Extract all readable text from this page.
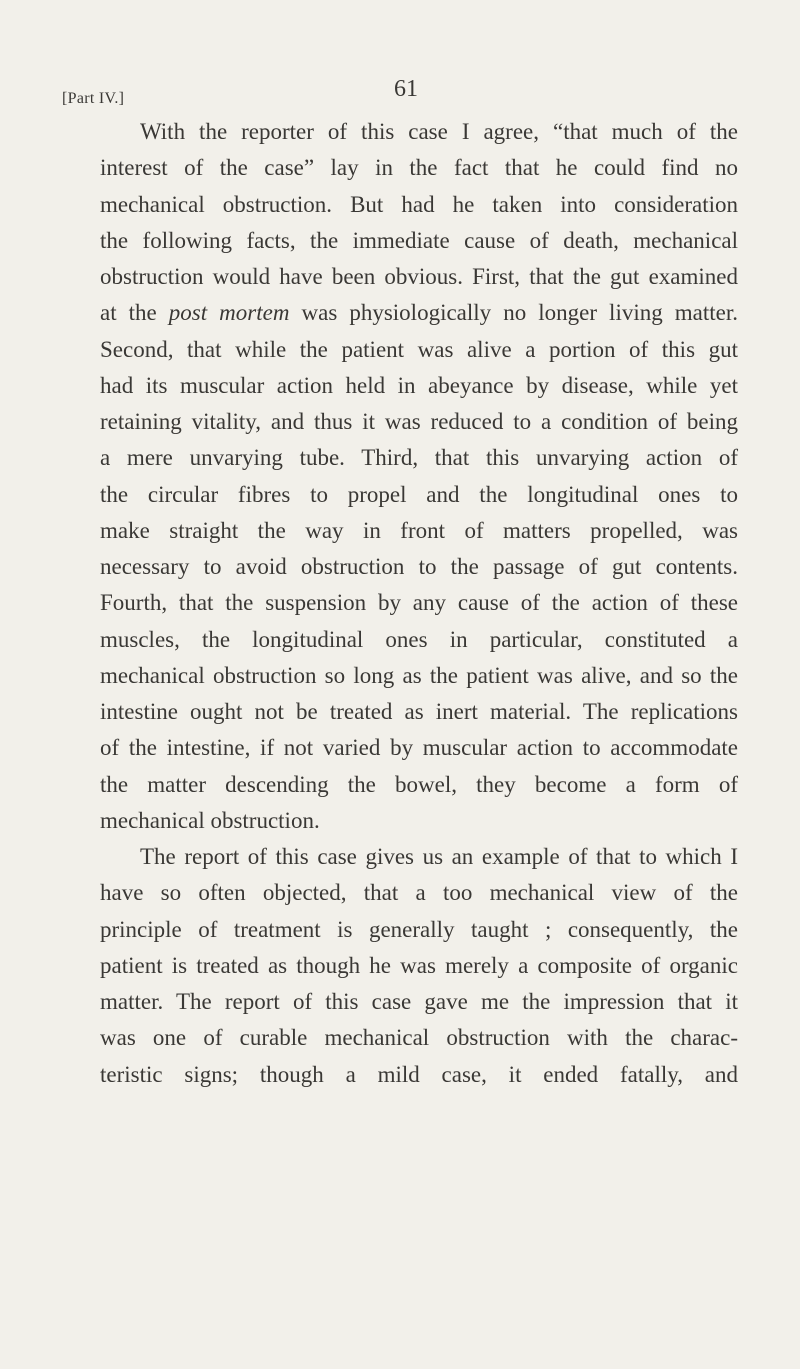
[Part IV.]	61

With the reporter of this case I agree, “that much of the
interest of the case” lay in the fact that he could find no
mechanical obstruction. But had he taken into consideration
the following facts, the immediate cause of death, mechanical
obstruction would have been obvious. First, that the gut examined
at the post mortem was physiologically no longer living matter.
Second, that while the patient was alive a portion of this gut
had its muscular action held in abeyance by disease, while yet
retaining vitality, and thus it was reduced to a condition of being
a mere unvarying tube. Third, that this unvarying action of
the circular fibres to propel and the longitudinal ones to
make straight the way in front of matters propelled, was
necessary to avoid obstruction to the passage of gut contents.
Fourth, that the suspension by any cause of the action of these
muscles, the longitudinal ones in particular, constituted a
mechanical obstruction so long as the patient was alive, and so the
intestine ought not be treated as inert material. The replications
of the intestine, if not varied by muscular action to accommodate
the matter descending the bowel, they become a form of
mechanical obstruction.

The report of this case gives us an example of that to which I
have so often objected, that a too mechanical view of the
principle of treatment is generally taught ; consequently, the
patient is treated as though he was merely a composite of organic
matter. The report of this case gave me the impression that it
was one of curable mechanical obstruction with the charac-
teristic signs; though a mild case, it ended fatally, and
